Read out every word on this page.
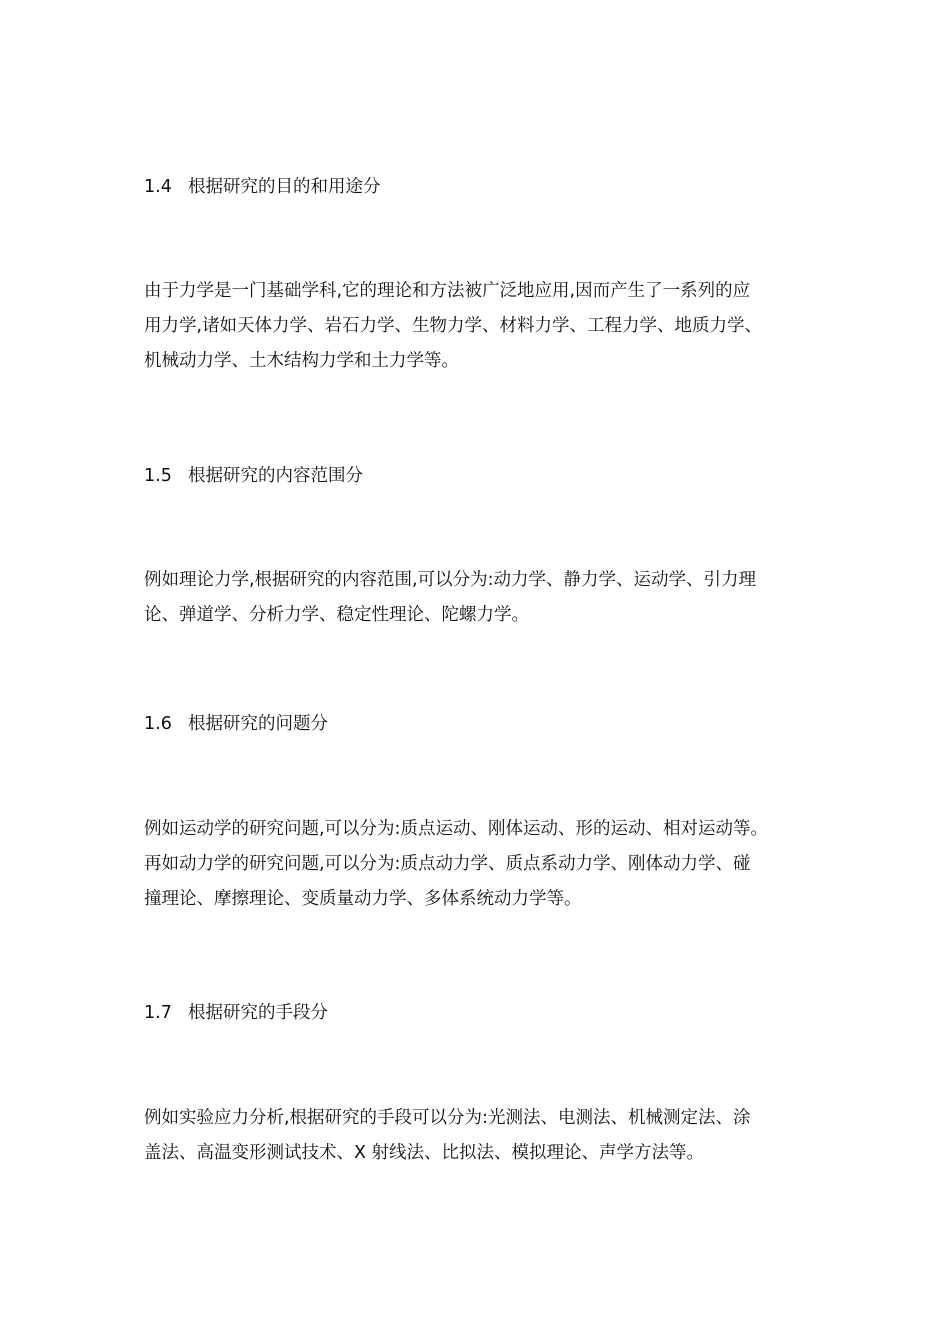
1.4 根据研究的目的和用途分
由于力学是一门基础学科,它的理论和方法被广泛地应用,因而产生了一系列的应
用力学,诸如天体力学、岩石力学、生物力学、材料力学、工程力学、地质力学、
机械动力学、土木结构力学和土力学等。
1.5 根据研究的内容范围分
例如理论力学,根据研究的内容范围,可以分为:动力学、静力学、运动学、引力理
论、弹道学、分析力学、稳定性理论、陀螺力学。
1.6 根据研究的问题分
例如运动学的研究问题,可以分为:质点运动、刚体运动、形的运动、相对运动等。
再如动力学的研究问题,可以分为:质点动力学、质点系动力学、刚体动力学、碰
撞理论、摩擦理论、变质量动力学、多体系统动力学等。
1.7 根据研究的手段分
例如实验应力分析,根据研究的手段可以分为:光测法、电测法、机械测定法、涂
盖法、高温变形测试技术、X 射线法、比拟法、模拟理论、声学方法等。
